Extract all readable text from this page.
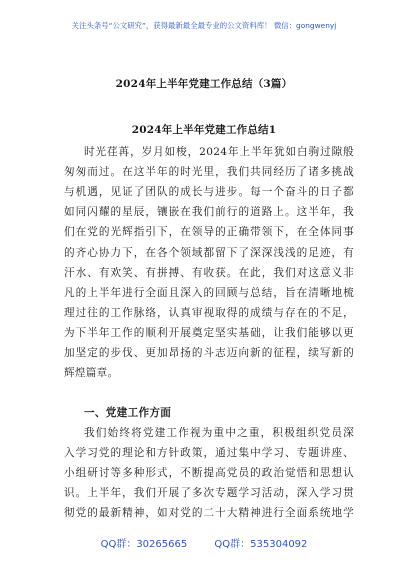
关注头条号“公文研究”，获得最新最全最专业的公文资料库！ 微信：gongwenyj
2024年上半年党建工作总结（3篇）
2024年上半年党建工作总结1
时光荏苒，岁月如梭，2024年上半年犹如白驹过隙般
匆匆而过。在这半年的时光里，我们共同经历了诸多挑战
与机遇，见证了团队的成长与进步。每一个奋斗的日子都
如同闪耀的星辰，镶嵌在我们前行的道路上。这半年，我
们在党的光辉指引下，在领导的正确带领下，在全体同事
的齐心协力下，在各个领域都留下了深深浅浅的足迹，有
汗水、有欢笑、有拼搏、有收获。在此，我们对这意义非
凡的上半年进行全面且深入的回顾与总结，旨在清晰地梳
理过往的工作脉络，认真审视取得的成绩与存在的不足，
为下半年工作的顺利开展奠定坚实基础，让我们能够以更
加坚定的步伐、更加昂扬的斗志迈向新的征程，续写新的
辉煌篇章。
一、党建工作方面
我们始终将党建工作视为重中之重，积极组织党员深
入学习党的理论和方针政策，通过集中学习、专题讲座、
小组研讨等多种形式，不断提高党员的政治觉悟和思想认
识。上半年，我们开展了多次专题学习活动，深入学习贯
彻党的最新精神，如对党的二十大精神进行全面系统地学
QQ群：30265665	QQ群：535304092
